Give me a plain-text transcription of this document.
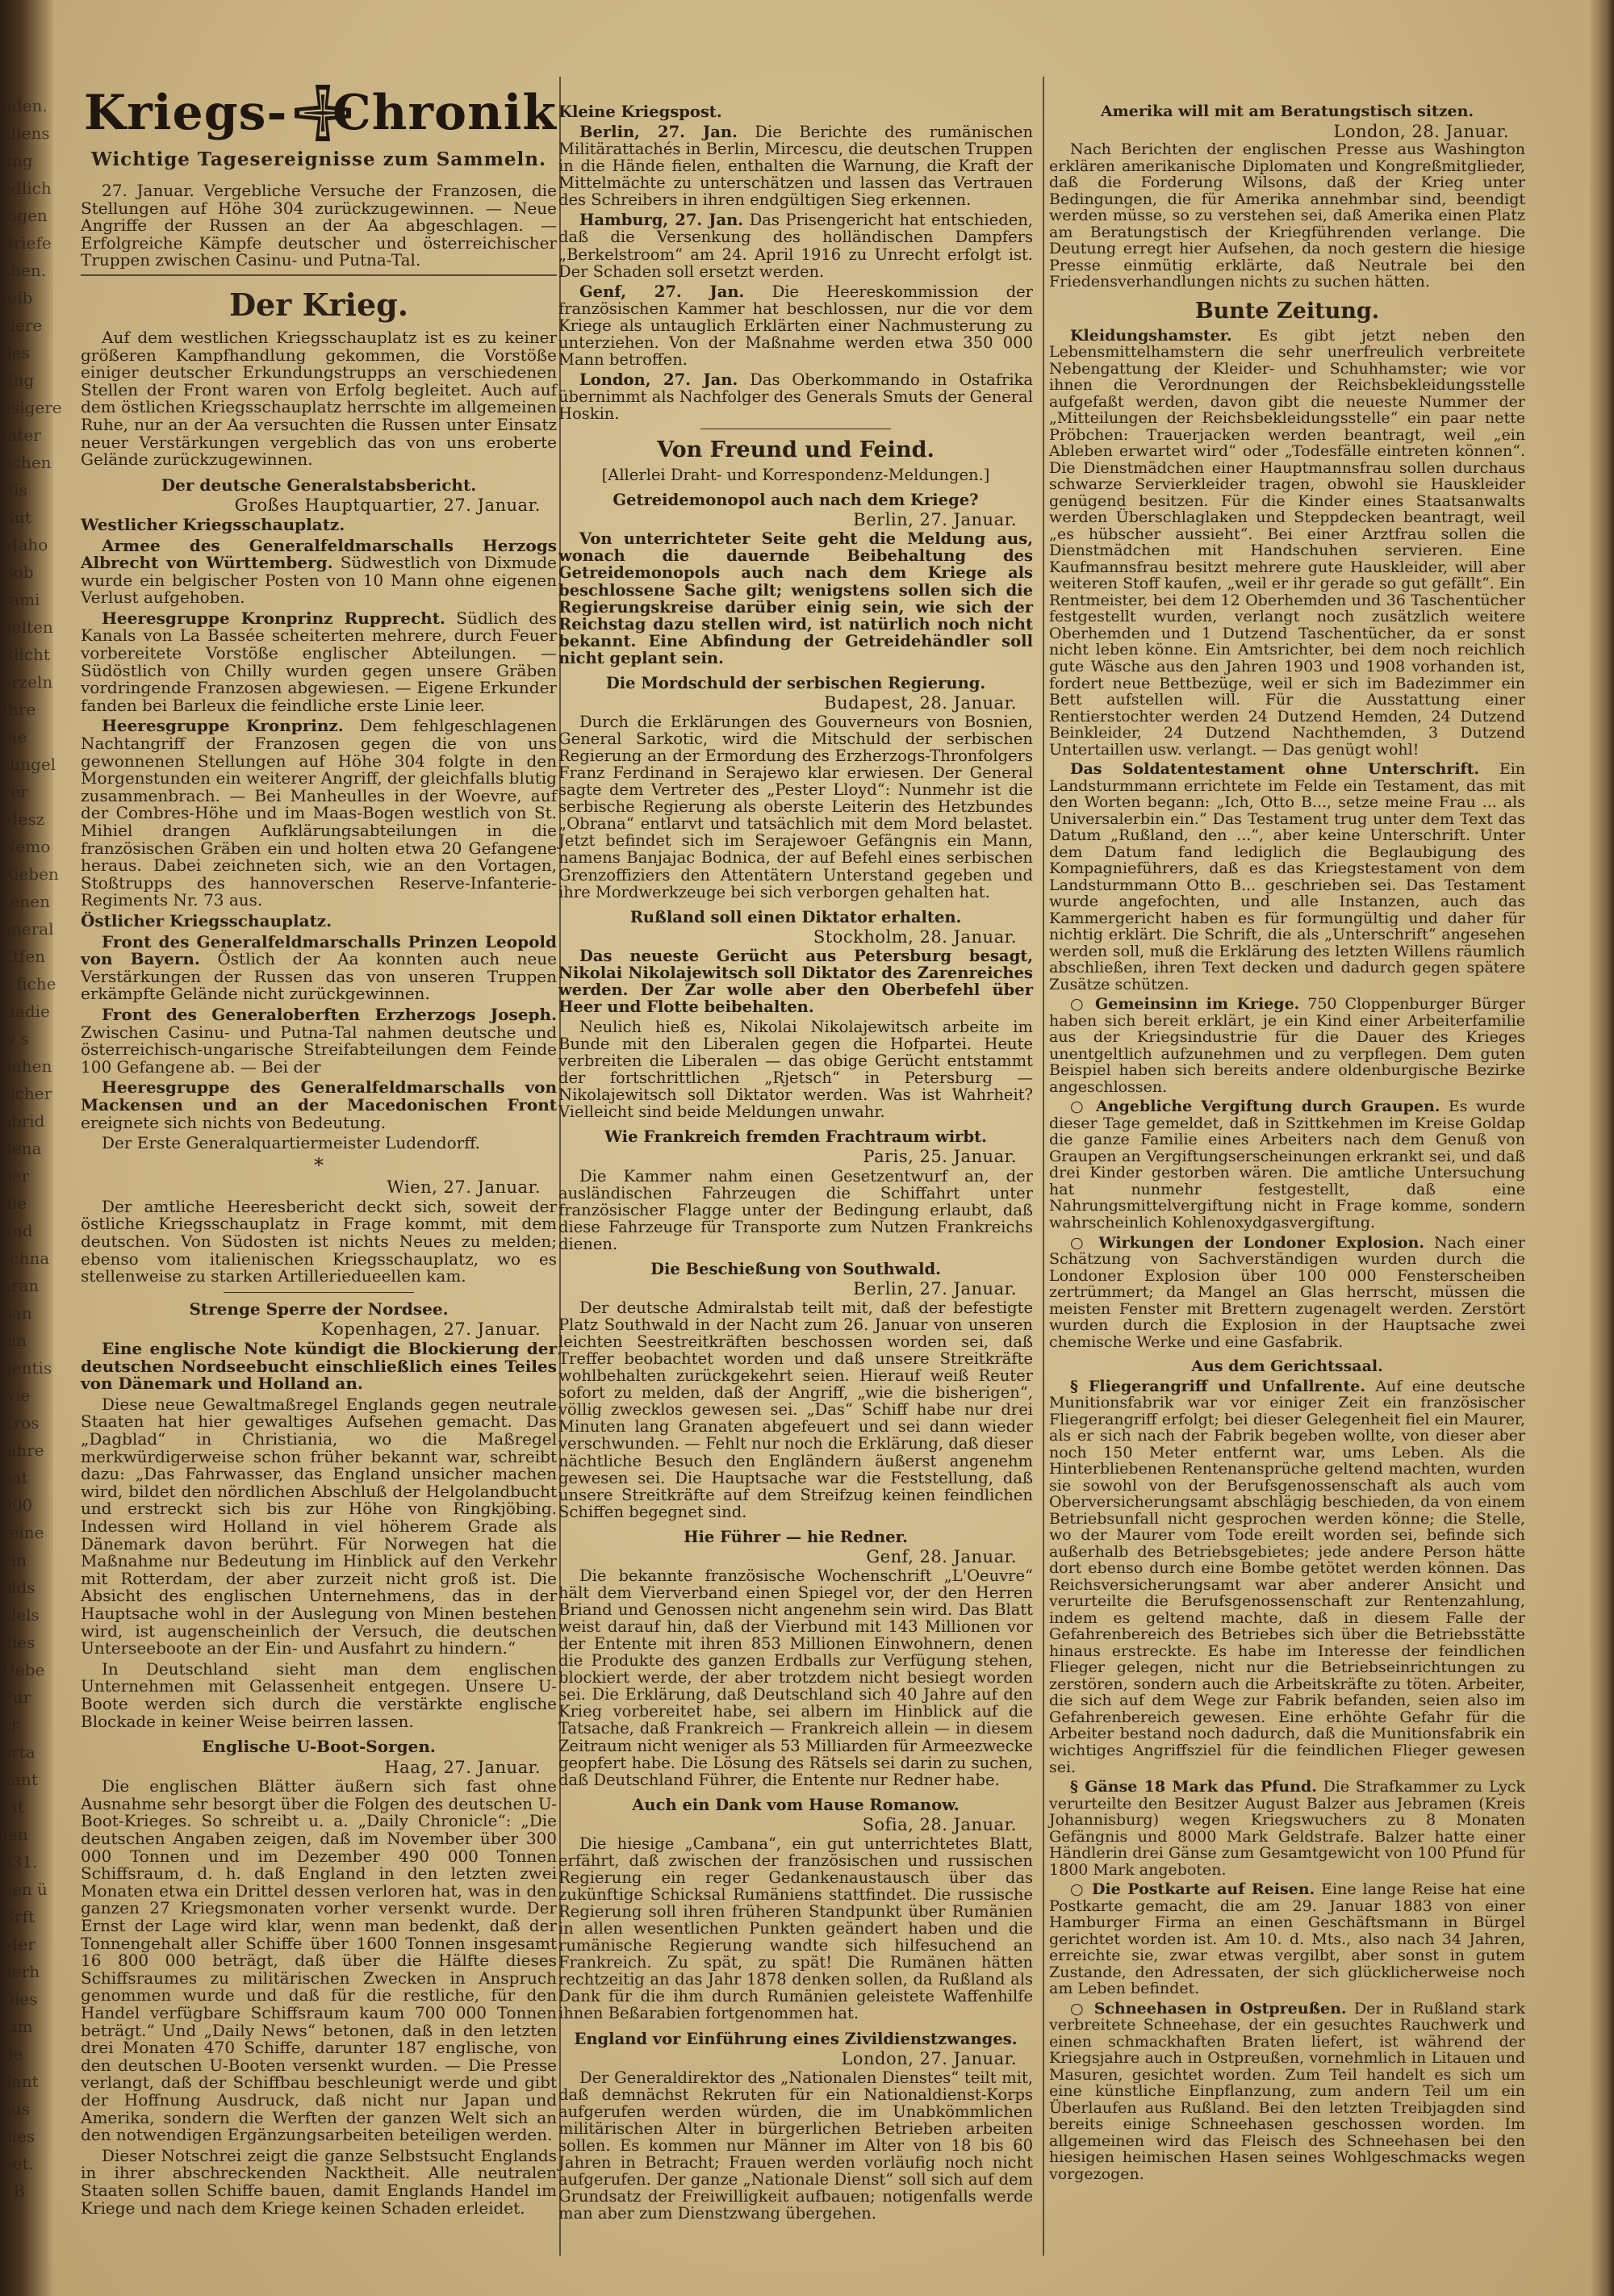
nden.
aliens
ung
ödlich
ingen
Briefe
chen.
feib
ziere
des
Eng
äsigere
inter
lichen
Ris
Gut
Maho
Bob
sami
gelten
Rlicht
orzeln
Ihre
bie
sungel
ver
Mesz
Nemo
Rieben
zenen
aneral
Ztfen
e fiche
ziadie
w s
dahen
sicher
abrid
ilena
ber
die
und
schna
aran
ban
ein
gentis
wie
Eros
lahre
hat
000
reine
ein
olds
elels
dies
Uebe
Fur
er
orta
kant
tat
Jen
331.
hen ü
Grft
Mer
derh
Dies
Lim
Be
dant
aus
dies
Set.
t B
Kriegs- Chronik
Wichtige Tagesereignisse zum Sammeln.

27. Januar. Vergebliche Versuche der Franzosen, die Stellungen auf Höhe 304 zurückzugewinnen. — Neue Angriffe der Russen an der Aa abgeschlagen. — Erfolgreiche Kämpfe deutscher und österreichischer Truppen zwischen Casinu- und Putna-Tal.

Der Krieg.

Auf dem westlichen Kriegsschauplatz ist es zu keiner größeren Kampfhandlung gekommen, die Vorstöße einiger deutscher Erkundungstrupps an verschiedenen Stellen der Front waren von Erfolg begleitet. Auch auf dem östlichen Kriegsschauplatz herrschte im allgemeinen Ruhe, nur an der Aa versuchten die Russen unter Einsatz neuer Verstärkungen vergeblich das von uns eroberte Gelände zurückzugewinnen.

Der deutsche Generalstabsbericht.
Großes Hauptquartier, 27. Januar.

Westlicher Kriegsschauplatz.

Armee des Generalfeldmarschalls Herzogs Albrecht von Württemberg. Südwestlich von Dixmude wurde ein belgischer Posten von 10 Mann ohne eigenen Verlust aufgehoben.

Heeresgruppe Kronprinz Rupprecht. Südlich des Kanals von La Bassée scheiterten mehrere, durch Feuer vorbereitete Vorstöße englischer Abteilungen. — Südöstlich von Chilly wurden gegen unsere Gräben vordringende Franzosen abgewiesen. — Eigene Erkunder fanden bei Barleux die feindliche erste Linie leer.

Heeresgruppe Kronprinz. Dem fehlgeschlagenen Nachtangriff der Franzosen gegen die von uns gewonnenen Stellungen auf Höhe 304 folgte in den Morgenstunden ein weiterer Angriff, der gleichfalls blutig zusammenbrach. — Bei Manheulles in der Woevre, auf der Combres-Höhe und im Maas-Bogen westlich von St. Mihiel drangen Aufklärungsabteilungen in die französischen Gräben ein und holten etwa 20 Gefangene heraus. Dabei zeichneten sich, wie an den Vortagen, Stoßtrupps des hannoverschen Reserve-Infanterie-Regiments Nr. 73 aus.

Östlicher Kriegsschauplatz.

Front des Generalfeldmarschalls Prinzen Leopold von Bayern. Östlich der Aa konnten auch neue Verstärkungen der Russen das von unseren Truppen erkämpfte Gelände nicht zurückgewinnen.

Front des Generaloberften Erzherzogs Joseph. Zwischen Casinu- und Putna-Tal nahmen deutsche und österreichisch-ungarische Streifabteilungen dem Feinde 100 Gefangene ab. — Bei der

Heeresgruppe des Generalfeldmarschalls von Mackensen und an der Macedonischen Front ereignete sich nichts von Bedeutung.

Der Erste Generalquartiermeister Ludendorff.

*
Wien, 27. Januar.

Der amtliche Heeresbericht deckt sich, soweit der östliche Kriegsschauplatz in Frage kommt, mit dem deutschen. Von Südosten ist nichts Neues zu melden; ebenso vom italienischen Kriegsschauplatz, wo es stellenweise zu starken Artilleriedueellen kam.

Strenge Sperre der Nordsee.
Kopenhagen, 27. Januar.

Eine englische Note kündigt die Blockierung der deutschen Nordseebucht einschließlich eines Teiles von Dänemark und Holland an.

Diese neue Gewaltmaßregel Englands gegen neutrale Staaten hat hier gewaltiges Aufsehen gemacht. Das „Dagblad“ in Christiania, wo die Maßregel merkwürdigerweise schon früher bekannt war, schreibt dazu: „Das Fahrwasser, das England unsicher machen wird, bildet den nördlichen Abschluß der Helgolandbucht und erstreckt sich bis zur Höhe von Ringkjöbing. Indessen wird Holland in viel höherem Grade als Dänemark davon berührt. Für Norwegen hat die Maßnahme nur Bedeutung im Hinblick auf den Verkehr mit Rotterdam, der aber zurzeit nicht groß ist. Die Absicht des englischen Unternehmens, das in der Hauptsache wohl in der Auslegung von Minen bestehen wird, ist augenscheinlich der Versuch, die deutschen Unterseeboote an der Ein- und Ausfahrt zu hindern.“

In Deutschland sieht man dem englischen Unternehmen mit Gelassenheit entgegen. Unsere U-Boote werden sich durch die verstärkte englische Blockade in keiner Weise beirren lassen.

Englische U-Boot-Sorgen.
Haag, 27. Januar.

Die englischen Blätter äußern sich fast ohne Ausnahme sehr besorgt über die Folgen des deutschen U-Boot-Krieges. So schreibt u. a. „Daily Chronicle“: „Die deutschen Angaben zeigen, daß im November über 300 000 Tonnen und im Dezember 490 000 Tonnen Schiffsraum, d. h. daß England in den letzten zwei Monaten etwa ein Drittel dessen verloren hat, was in den ganzen 27 Kriegsmonaten vorher versenkt wurde. Der Ernst der Lage wird klar, wenn man bedenkt, daß der Tonnengehalt aller Schiffe über 1600 Tonnen insgesamt 16 800 000 beträgt, daß über die Hälfte dieses Schiffsraumes zu militärischen Zwecken in Anspruch genommen wurde und daß für die restliche, für den Handel verfügbare Schiffsraum kaum 700 000 Tonnen beträgt.“ Und „Daily News“ betonen, daß in den letzten drei Monaten 470 Schiffe, darunter 187 englische, von den deutschen U-Booten versenkt wurden. — Die Presse verlangt, daß der Schiffbau beschleunigt werde und gibt der Hoffnung Ausdruck, daß nicht nur Japan und Amerika, sondern die Werften der ganzen Welt sich an den notwendigen Ergänzungsarbeiten beteiligen werden.

Dieser Notschrei zeigt die ganze Selbstsucht Englands in ihrer abschreckenden Nacktheit. Alle neutralen Staaten sollen Schiffe bauen, damit Englands Handel im Kriege und nach dem Kriege keinen Schaden erleidet.

Kleine Kriegspost.

Berlin, 27. Jan. Die Berichte des rumänischen Militärattachés in Berlin, Mircescu, die deutschen Truppen in die Hände fielen, enthalten die Warnung, die Kraft der Mittelmächte zu unterschätzen und lassen das Vertrauen des Schreibers in ihren endgültigen Sieg erkennen.

Hamburg, 27. Jan. Das Prisengericht hat entschieden, daß die Versenkung des holländischen Dampfers „Berkelstroom“ am 24. April 1916 zu Unrecht erfolgt ist. Der Schaden soll ersetzt werden.

Genf, 27. Jan. Die Heereskommission der französischen Kammer hat beschlossen, nur die vor dem Kriege als untauglich Erklärten einer Nachmusterung zu unterziehen. Von der Maßnahme werden etwa 350 000 Mann betroffen.

London, 27. Jan. Das Oberkommando in Ostafrika übernimmt als Nachfolger des Generals Smuts der General Hoskin.

Von Freund und Feind.
[Allerlei Draht- und Korrespondenz-Meldungen.]
Getreidemonopol auch nach dem Kriege?
Berlin, 27. Januar.

Von unterrichteter Seite geht die Meldung aus, wonach die dauernde Beibehaltung des Getreidemonopols auch nach dem Kriege als beschlossene Sache gilt; wenigstens sollen sich die Regierungskreise darüber einig sein, wie sich der Reichstag dazu stellen wird, ist natürlich noch nicht bekannt. Eine Abfindung der Getreidehändler soll nicht geplant sein.

Die Mordschuld der serbischen Regierung.
Budapest, 28. Januar.

Durch die Erklärungen des Gouverneurs von Bosnien, General Sarkotic, wird die Mitschuld der serbischen Regierung an der Ermordung des Erzherzogs-Thronfolgers Franz Ferdinand in Serajewo klar erwiesen. Der General sagte dem Vertreter des „Pester Lloyd“: Nunmehr ist die serbische Regierung als oberste Leiterin des Hetzbundes „Obrana“ entlarvt und tatsächlich mit dem Mord belastet. Jetzt befindet sich im Serajewoer Gefängnis ein Mann, namens Banjajac Bodnica, der auf Befehl eines serbischen Grenzoffiziers den Attentätern Unterstand gegeben und ihre Mordwerkzeuge bei sich verborgen gehalten hat.

Rußland soll einen Diktator erhalten.
Stockholm, 28. Januar.

Das neueste Gerücht aus Petersburg besagt, Nikolai Nikolajewitsch soll Diktator des Zarenreiches werden. Der Zar wolle aber den Oberbefehl über Heer und Flotte beibehalten.

Neulich hieß es, Nikolai Nikolajewitsch arbeite im Bunde mit den Liberalen gegen die Hofpartei. Heute verbreiten die Liberalen — das obige Gerücht entstammt der fortschrittlichen „Rjetsch“ in Petersburg — Nikolajewitsch soll Diktator werden. Was ist Wahrheit? Vielleicht sind beide Meldungen unwahr.

Wie Frankreich fremden Frachtraum wirbt.
Paris, 25. Januar.

Die Kammer nahm einen Gesetzentwurf an, der ausländischen Fahrzeugen die Schiffahrt unter französischer Flagge unter der Bedingung erlaubt, daß diese Fahrzeuge für Transporte zum Nutzen Frankreichs dienen.

Die Beschießung von Southwald.
Berlin, 27. Januar.

Der deutsche Admiralstab teilt mit, daß der befestigte Platz Southwald in der Nacht zum 26. Januar von unseren leichten Seestreitkräften beschossen worden sei, daß Treffer beobachtet worden und daß unsere Streitkräfte wohlbehalten zurückgekehrt seien. Hierauf weiß Reuter sofort zu melden, daß der Angriff, „wie die bisherigen“, völlig zwecklos gewesen sei. „Das“ Schiff habe nur drei Minuten lang Granaten abgefeuert und sei dann wieder verschwunden. — Fehlt nur noch die Erklärung, daß dieser nächtliche Besuch den Engländern äußerst angenehm gewesen sei. Die Hauptsache war die Feststellung, daß unsere Streitkräfte auf dem Streifzug keinen feindlichen Schiffen begegnet sind.

Hie Führer — hie Redner.
Genf, 28. Januar.

Die bekannte französische Wochenschrift „L'Oeuvre“ hält dem Vierverband einen Spiegel vor, der den Herren Briand und Genossen nicht angenehm sein wird. Das Blatt weist darauf hin, daß der Vierbund mit 143 Millionen vor der Entente mit ihren 853 Millionen Einwohnern, denen die Produkte des ganzen Erdballs zur Verfügung stehen, blockiert werde, der aber trotzdem nicht besiegt worden sei. Die Erklärung, daß Deutschland sich 40 Jahre auf den Krieg vorbereitet habe, sei albern im Hinblick auf die Tatsache, daß Frankreich — Frankreich allein — in diesem Zeitraum nicht weniger als 53 Milliarden für Armeezwecke geopfert habe. Die Lösung des Rätsels sei darin zu suchen, daß Deutschland Führer, die Entente nur Redner habe.

Auch ein Dank vom Hause Romanow.
Sofia, 28. Januar.

Die hiesige „Cambana“, ein gut unterrichtetes Blatt, erfährt, daß zwischen der französischen und russischen Regierung ein reger Gedankenaustausch über das zukünftige Schicksal Rumäniens stattfindet. Die russische Regierung soll ihren früheren Standpunkt über Rumänien in allen wesentlichen Punkten geändert haben und die rumänische Regierung wandte sich hilfesuchend an Frankreich. Zu spät, zu spät! Die Rumänen hätten rechtzeitig an das Jahr 1878 denken sollen, da Rußland als Dank für die ihm durch Rumänien geleistete Waffenhilfe ihnen Beßarabien fortgenommen hat.

England vor Einführung eines Zivildienstzwanges.
London, 27. Januar.

Der Generaldirektor des „Nationalen Dienstes“ teilt mit, daß demnächst Rekruten für ein Nationaldienst-Korps aufgerufen werden würden, die im Unabkömmlichen militärischen Alter in bürgerlichen Betrieben arbeiten sollen. Es kommen nur Männer im Alter von 18 bis 60 Jahren in Betracht; Frauen werden vorläufig noch nicht aufgerufen. Der ganze „Nationale Dienst“ soll sich auf dem Grundsatz der Freiwilligkeit aufbauen; notigenfalls werde man aber zum Dienstzwang übergehen.

Amerika will mit am Beratungstisch sitzen.
London, 28. Januar.

Nach Berichten der englischen Presse aus Washington erklären amerikanische Diplomaten und Kongreßmitglieder, daß die Forderung Wilsons, daß der Krieg unter Bedingungen, die für Amerika annehmbar sind, beendigt werden müsse, so zu verstehen sei, daß Amerika einen Platz am Beratungstisch der Kriegführenden verlange. Die Deutung erregt hier Aufsehen, da noch gestern die hiesige Presse einmütig erklärte, daß Neutrale bei den Friedensverhandlungen nichts zu suchen hätten.

Bunte Zeitung.

Kleidungshamster. Es gibt jetzt neben den Lebensmittelhamstern die sehr unerfreulich verbreitete Nebengattung der Kleider- und Schuhhamster; wie vor ihnen die Verordnungen der Reichsbekleidungsstelle aufgefaßt werden, davon gibt die neueste Nummer der „Mitteilungen der Reichsbekleidungsstelle“ ein paar nette Pröbchen: Trauerjacken werden beantragt, weil „ein Ableben erwartet wird“ oder „Todesfälle eintreten können“. Die Dienstmädchen einer Hauptmannsfrau sollen durchaus schwarze Servierkleider tragen, obwohl sie Hauskleider genügend besitzen. Für die Kinder eines Staatsanwalts werden Überschlaglaken und Steppdecken beantragt, weil „es hübscher aussieht“. Bei einer Arztfrau sollen die Dienstmädchen mit Handschuhen servieren. Eine Kaufmannsfrau besitzt mehrere gute Hauskleider, will aber weiteren Stoff kaufen, „weil er ihr gerade so gut gefällt“. Ein Rentmeister, bei dem 12 Oberhemden und 36 Taschentücher festgestellt wurden, verlangt noch zusätzlich weitere Oberhemden und 1 Dutzend Taschentücher, da er sonst nicht leben könne. Ein Amtsrichter, bei dem noch reichlich gute Wäsche aus den Jahren 1903 und 1908 vorhanden ist, fordert neue Bettbezüge, weil er sich im Badezimmer ein Bett aufstellen will. Für die Ausstattung einer Rentierstochter werden 24 Dutzend Hemden, 24 Dutzend Beinkleider, 24 Dutzend Nachthemden, 3 Dutzend Untertaillen usw. verlangt. — Das genügt wohl!

Das Soldatentestament ohne Unterschrift. Ein Landsturmmann errichtete im Felde ein Testament, das mit den Worten begann: „Ich, Otto B..., setze meine Frau ... als Universalerbin ein.“ Das Testament trug unter dem Text das Datum „Rußland, den ...“, aber keine Unterschrift. Unter dem Datum fand lediglich die Beglaubigung des Kompagnieführers, daß es das Kriegstestament von dem Landsturmmann Otto B... geschrieben sei. Das Testament wurde angefochten, und alle Instanzen, auch das Kammergericht haben es für formungültig und daher für nichtig erklärt. Die Schrift, die als „Unterschrift“ angesehen werden soll, muß die Erklärung des letzten Willens räumlich abschließen, ihren Text decken und dadurch gegen spätere Zusätze schützen.

○ Gemeinsinn im Kriege. 750 Cloppenburger Bürger haben sich bereit erklärt, je ein Kind einer Arbeiterfamilie aus der Kriegsindustrie für die Dauer des Krieges unentgeltlich aufzunehmen und zu verpflegen. Dem guten Beispiel haben sich bereits andere oldenburgische Bezirke angeschlossen.

○ Angebliche Vergiftung durch Graupen. Es wurde dieser Tage gemeldet, daß in Szittkehmen im Kreise Goldap die ganze Familie eines Arbeiters nach dem Genuß von Graupen an Vergiftungserscheinungen erkrankt sei, und daß drei Kinder gestorben wären. Die amtliche Untersuchung hat nunmehr festgestellt, daß eine Nahrungsmittelvergiftung nicht in Frage komme, sondern wahrscheinlich Kohlenoxydgasvergiftung.

○ Wirkungen der Londoner Explosion. Nach einer Schätzung von Sachverständigen wurden durch die Londoner Explosion über 100 000 Fensterscheiben zertrümmert; da Mangel an Glas herrscht, müssen die meisten Fenster mit Brettern zugenagelt werden. Zerstört wurden durch die Explosion in der Hauptsache zwei chemische Werke und eine Gasfabrik.

Aus dem Gerichtssaal.

§ Fliegerangriff und Unfallrente. Auf eine deutsche Munitionsfabrik war vor einiger Zeit ein französischer Fliegerangriff erfolgt; bei dieser Gelegenheit fiel ein Maurer, als er sich nach der Fabrik begeben wollte, von dieser aber noch 150 Meter entfernt war, ums Leben. Als die Hinterbliebenen Rentenansprüche geltend machten, wurden sie sowohl von der Berufsgenossenschaft als auch vom Oberversicherungsamt abschlägig beschieden, da von einem Betriebsunfall nicht gesprochen werden könne; die Stelle, wo der Maurer vom Tode ereilt worden sei, befinde sich außerhalb des Betriebsgebietes; jede andere Person hätte dort ebenso durch eine Bombe getötet werden können. Das Reichsversicherungsamt war aber anderer Ansicht und verurteilte die Berufsgenossenschaft zur Rentenzahlung, indem es geltend machte, daß in diesem Falle der Gefahrenbereich des Betriebes sich über die Betriebsstätte hinaus erstreckte. Es habe im Interesse der feindlichen Flieger gelegen, nicht nur die Betriebseinrichtungen zu zerstören, sondern auch die Arbeitskräfte zu töten. Arbeiter, die sich auf dem Wege zur Fabrik befanden, seien also im Gefahrenbereich gewesen. Eine erhöhte Gefahr für die Arbeiter bestand noch dadurch, daß die Munitionsfabrik ein wichtiges Angriffsziel für die feindlichen Flieger gewesen sei.

§ Gänse 18 Mark das Pfund. Die Strafkammer zu Lyck verurteilte den Besitzer August Balzer aus Jebramen (Kreis Johannisburg) wegen Kriegswuchers zu 8 Monaten Gefängnis und 8000 Mark Geldstrafe. Balzer hatte einer Händlerin drei Gänse zum Gesamtgewicht von 100 Pfund für 1800 Mark angeboten.

○ Die Postkarte auf Reisen. Eine lange Reise hat eine Postkarte gemacht, die am 29. Januar 1883 von einer Hamburger Firma an einen Geschäftsmann in Bürgel gerichtet worden ist. Am 10. d. Mts., also nach 34 Jahren, erreichte sie, zwar etwas vergilbt, aber sonst in gutem Zustande, den Adressaten, der sich glücklicherweise noch am Leben befindet.

○ Schneehasen in Ostpreußen. Der in Rußland stark verbreitete Schneehase, der ein gesuchtes Rauchwerk und einen schmackhaften Braten liefert, ist während der Kriegsjahre auch in Ostpreußen, vornehmlich in Litauen und Masuren, gesichtet worden. Zum Teil handelt es sich um eine künstliche Einpflanzung, zum andern Teil um ein Überlaufen aus Rußland. Bei den letzten Treibjagden sind bereits einige Schneehasen geschossen worden. Im allgemeinen wird das Fleisch des Schneehasen bei den hiesigen heimischen Hasen seines Wohlgeschmacks wegen vorgezogen.
